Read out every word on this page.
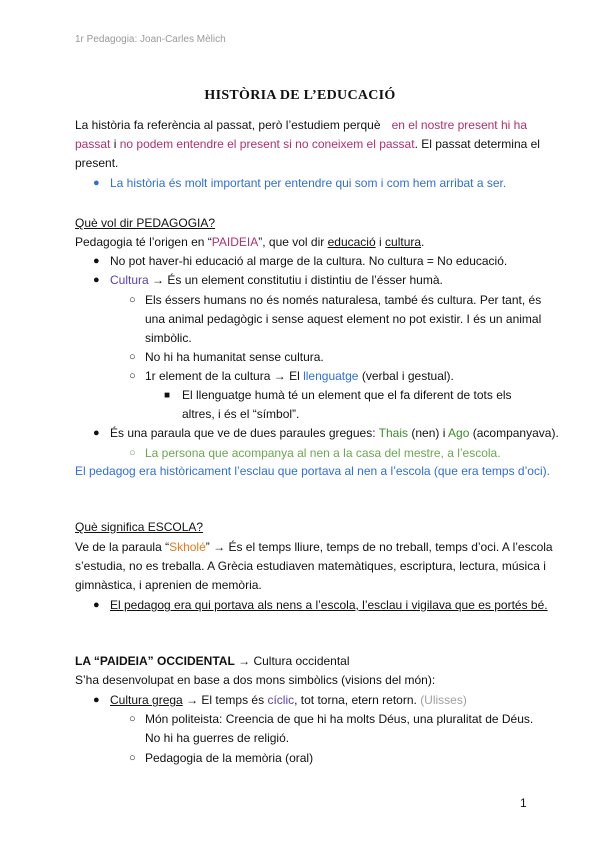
1r Pedagogia: Joan-Carles Mèlich
HISTÒRIA DE L’EDUCACIÓ
La història fa referència al passat, però l’estudiem perquè en el nostre present hi ha
passat i no podem entendre el present si no coneixem el passat. El passat determina el
present.
●
La història és molt important per entendre qui som i com hem arribat a ser.
Què vol dir PEDAGOGIA?
Pedagogia té l’origen en “PAIDEIA”, que vol dir educació i cultura.
●
No pot haver-hi educació al marge de la cultura. No cultura = No educació.
●
Cultura → És un element constitutiu i distintiu de l’ésser humà.
○
Els éssers humans no és només naturalesa, també és cultura. Per tant, és
una animal pedagògic i sense aquest element no pot existir. I és un animal
simbòlic.
○
No hi ha humanitat sense cultura.
○
1r element de la cultura → El llenguatge (verbal i gestual).
■
El llenguatge humà té un element que el fa diferent de tots els
altres, i és el “símbol”.
●
És una paraula que ve de dues paraules gregues: Thais (nen) i Ago (acompanyava).
○
La persona que acompanya al nen a la casa del mestre, a l’escola.
El pedagog era històricament l’esclau que portava al nen a l’escola (que era temps d’oci).
Què significa ESCOLA?
Ve de la paraula “Skholé” → És el temps lliure, temps de no treball, temps d’oci. A l’escola
s’estudia, no es treballa. A Grècia estudiaven matemàtiques, escriptura, lectura, música i
gimnàstica, i aprenien de memòria.
●
El pedagog era qui portava als nens a l’escola, l’esclau i vigilava que es portés bé.
LA “PAIDEIA” OCCIDENTAL → Cultura occidental
S’ha desenvolupat en base a dos mons simbòlics (visions del món):
●
Cultura grega → El temps és cíclic, tot torna, etern retorn. (Ulisses)
○
Món politeista: Creencia de que hi ha molts Déus, una pluralitat de Déus.
No hi ha guerres de religió.
○
Pedagogia de la memòria (oral)
1
